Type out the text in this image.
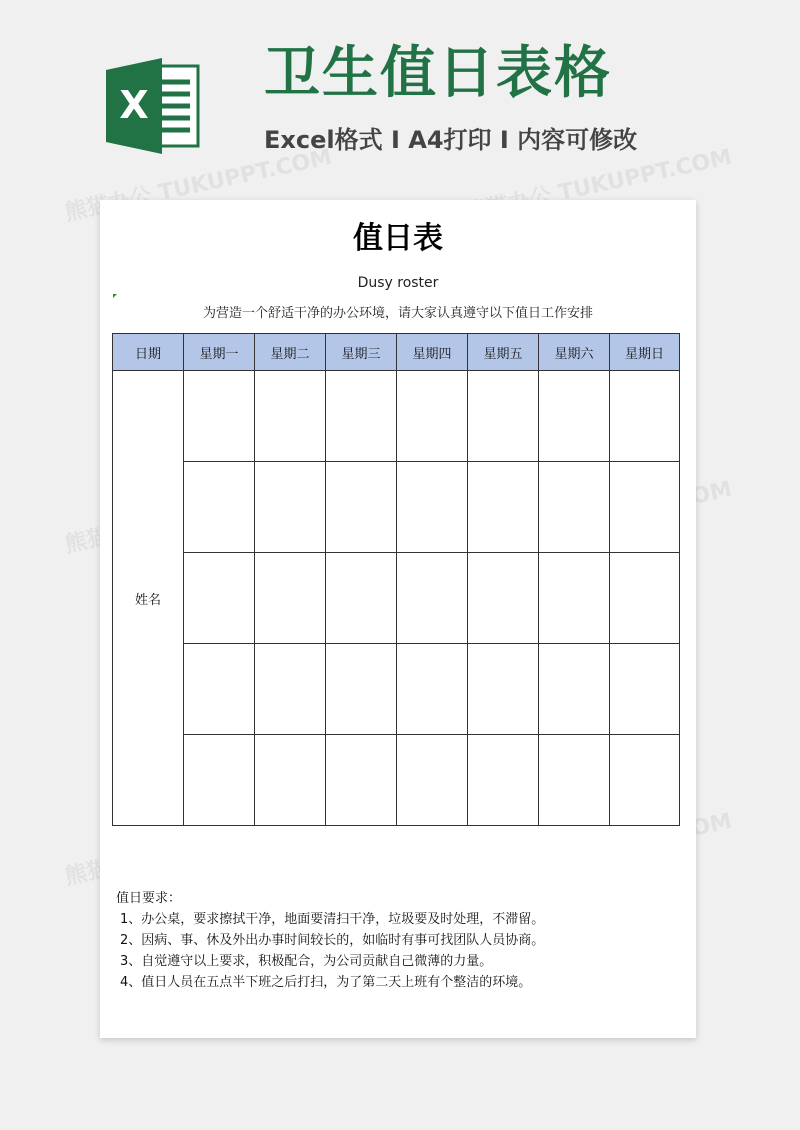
X 卫生值日表格
Excel格式 I A4打印 I 内容可修改
熊猫办公 TUKUPPT.COM	熊猫办公 TUKUPPT.COM
值日表
Dusy roster
为营造一个舒适干净的办公环境，请大家认真遵守以下值日工作安排
日期	星期一	星期二	星期三	星期四	星期五	星期六	星期日
姓名							

值日要求：
1、办公桌，要求擦拭干净，地面要清扫干净，垃圾要及时处理，不滞留。
2、因病、事、休及外出办事时间较长的，如临时有事可找团队人员协商。
3、自觉遵守以上要求，积极配合，为公司贡献自己微薄的力量。
4、值日人员在五点半下班之后打扫，为了第二天上班有个整洁的环境。
